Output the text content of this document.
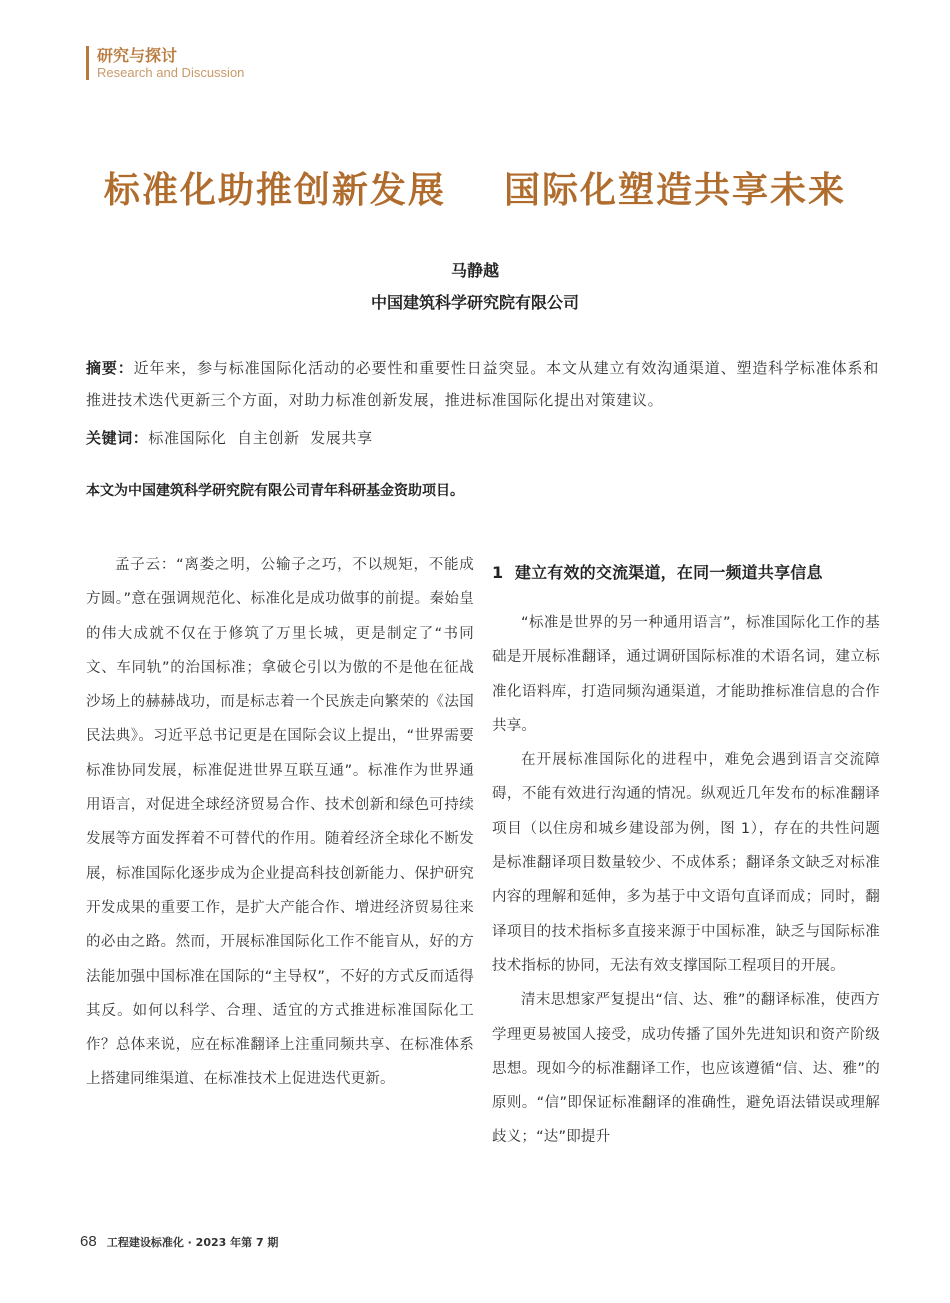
研究与探讨
Research and Discussion
标准化助推创新发展    国际化塑造共享未来
马静越
中国建筑科学研究院有限公司
摘要：近年来，参与标准国际化活动的必要性和重要性日益突显。本文从建立有效沟通渠道、塑造科学标准体系和推进技术迭代更新三个方面，对助力标准创新发展，推进标准国际化提出对策建议。
关键词：标准国际化  自主创新  发展共享
本文为中国建筑科学研究院有限公司青年科研基金资助项目。

孟子云：“离娄之明，公输子之巧，不以规矩，不能成方圆。”意在强调规范化、标准化是成功做事的前提。秦始皇的伟大成就不仅在于修筑了万里长城，更是制定了“书同文、车同轨”的治国标准；拿破仑引以为傲的不是他在征战沙场上的赫赫战功，而是标志着一个民族走向繁荣的《法国民法典》。习近平总书记更是在国际会议上提出，“世界需要标准协同发展，标准促进世界互联互通”。标准作为世界通用语言，对促进全球经济贸易合作、技术创新和绿色可持续发展等方面发挥着不可替代的作用。随着经济全球化不断发展，标准国际化逐步成为企业提高科技创新能力、保护研究开发成果的重要工作，是扩大产能合作、增进经济贸易往来的必由之路。然而，开展标准国际化工作不能盲从，好的方法能加强中国标准在国际的“主导权”，不好的方式反而适得其反。如何以科学、合理、适宜的方式推进标准国际化工作？总体来说，应在标准翻译上注重同频共享、在标准体系上搭建同维渠道、在标准技术上促进迭代更新。

1  建立有效的交流渠道，在同一频道共享信息

“标准是世界的另一种通用语言”，标准国际化工作的基础是开展标准翻译，通过调研国际标准的术语名词，建立标准化语料库，打造同频沟通渠道，才能助推标准信息的合作共享。

在开展标准国际化的进程中，难免会遇到语言交流障碍，不能有效进行沟通的情况。纵观近几年发布的标准翻译项目（以住房和城乡建设部为例，图 1），存在的共性问题是标准翻译项目数量较少、不成体系；翻译条文缺乏对标准内容的理解和延伸，多为基于中文语句直译而成；同时，翻译项目的技术指标多直接来源于中国标准，缺乏与国际标准技术指标的协同，无法有效支撑国际工程项目的开展。

清末思想家严复提出“信、达、雅”的翻译标准，使西方学理更易被国人接受，成功传播了国外先进知识和资产阶级思想。现如今的标准翻译工作，也应该遵循“信、达、雅”的原则。“信”即保证标准翻译的准确性，避免语法错误或理解歧义；“达”即提升

68 工程建设标准化 · 2023 年第 7 期
